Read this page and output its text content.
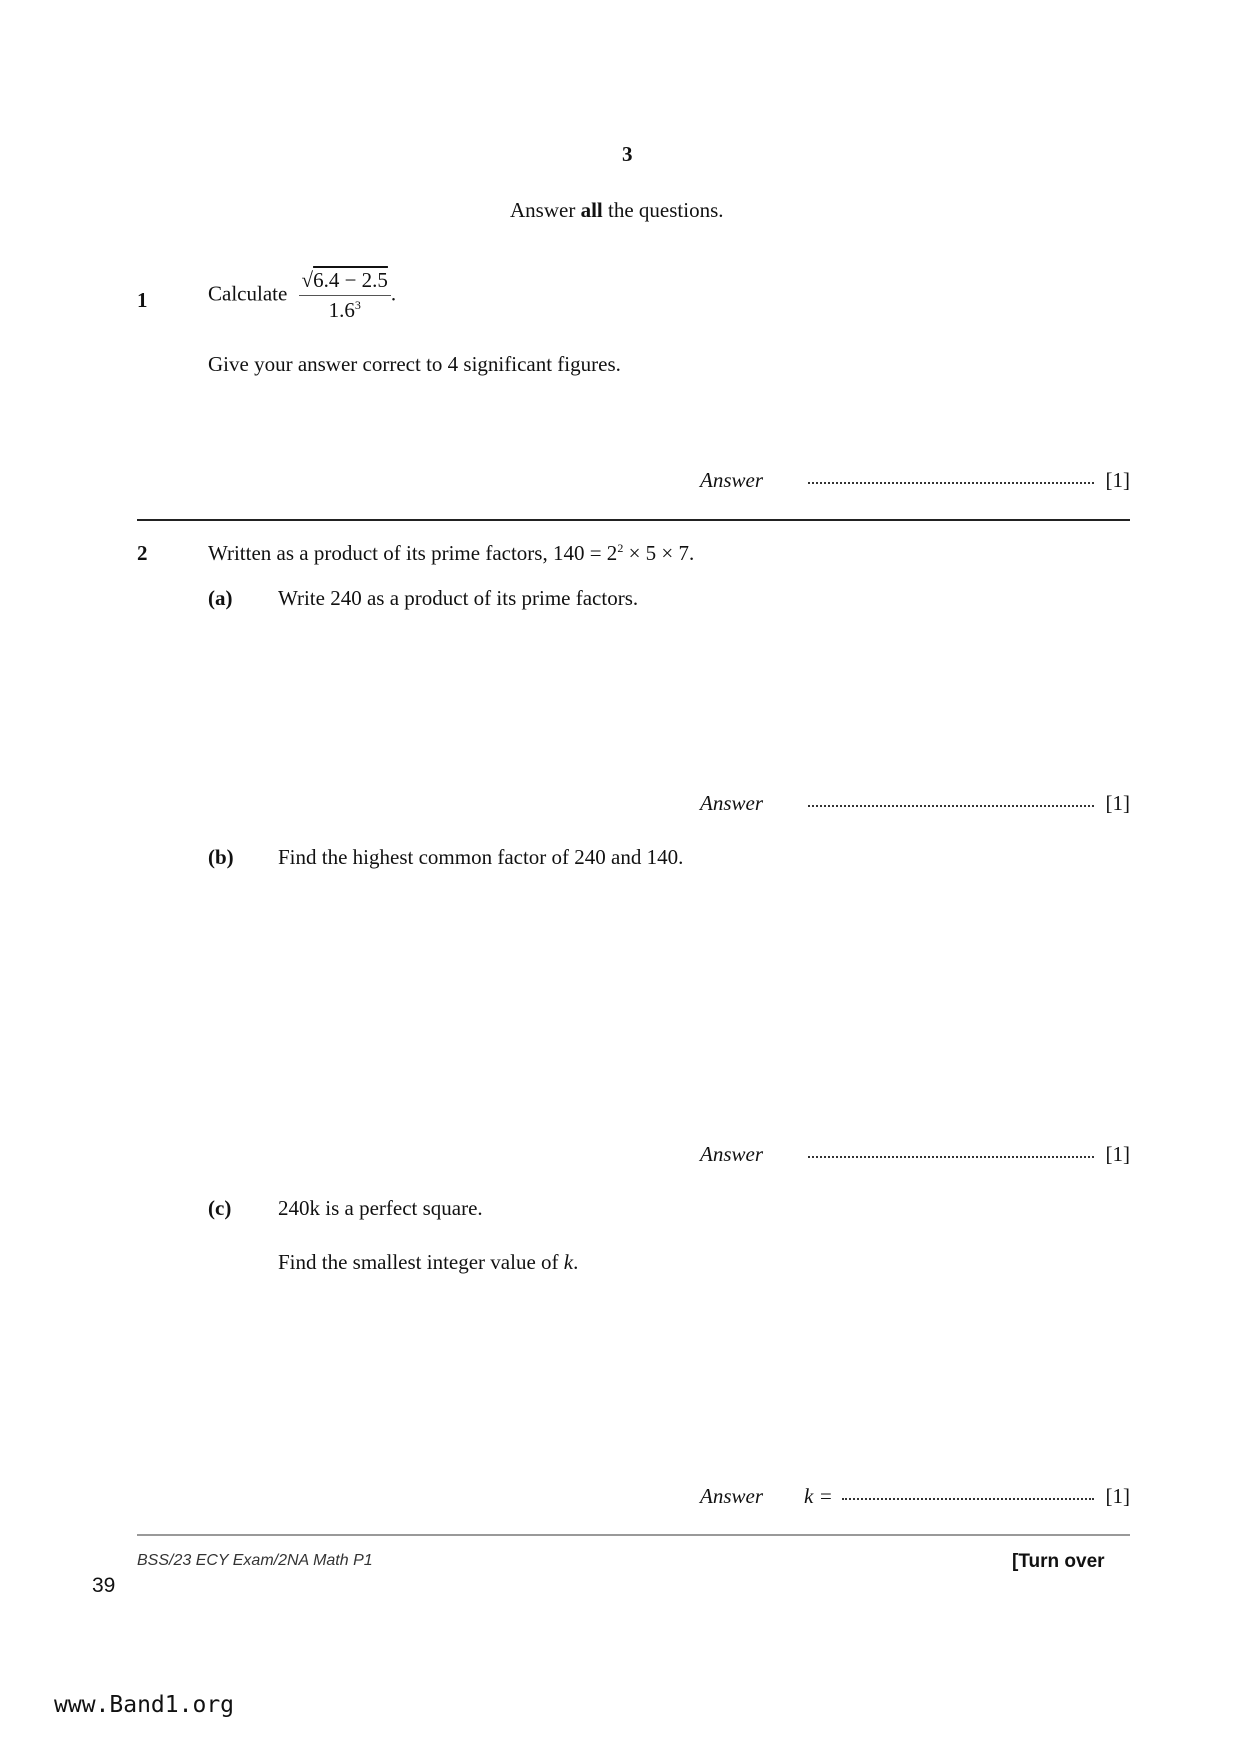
3
Answer all the questions.
1	Calculate $\frac{√6.4 - 2.5}{1.6^3}$ .
Give your answer correct to 4 significant figures.
Answer	[1]
2	Written as a product of its prime factors, $140 = 2^2 \times 5 \times 7$.
(a) Write 240 as a product of its prime factors.
Answer	[1]
(b) Find the highest common factor of 240 and 140.
Answer	[1]
(c) 240k is a perfect square.
Find the smallest integer value of k.
Answer k =	[1]
BSS/23 ECY Exam/2NA Math P1	[Turn over
39
www.Band1.org
